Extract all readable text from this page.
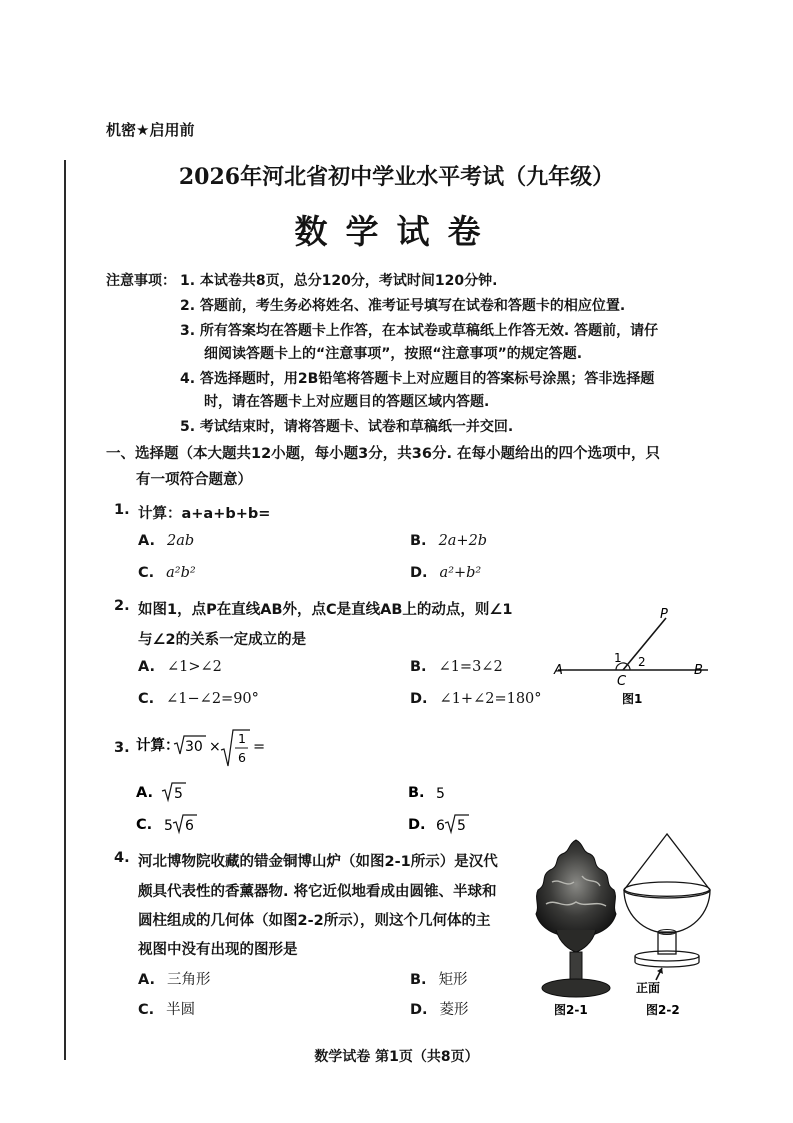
机密★启用前
2026年河北省初中学业水平考试（九年级）
数学试卷
注意事项： 1. 本试卷共8页，总分120分，考试时间120分钟.
2. 答题前，考生务必将姓名、准考证号填写在试卷和答题卡的相应位置.
3. 所有答案均在答题卡上作答，在本试卷或草稿纸上作答无效. 答题前，请仔
细阅读答题卡上的“注意事项”，按照“注意事项”的规定答题.
4. 答选择题时，用2B铅笔将答题卡上对应题目的答案标号涂黑；答非选择题
时，请在答题卡上对应题目的答题区域内答题.
5. 考试结束时，请将答题卡、试卷和草稿纸一并交回.
一、选择题（本大题共12小题，每小题3分，共36分. 在每小题给出的四个选项中，只
有一项符合题意）
1. 计算：a+a+b+b=
A. 2ab	B. 2a+2b
C. a²b²	D. a²+b²
2. 如图1，点P在直线AB外，点C是直线AB上的动点，则∠1
与∠2的关系一定成立的是
A. ∠1>∠2	B. ∠1=3∠2
C. ∠1−∠2=90°	D. ∠1+∠2=180°
P
A	B
C
1 2
图1
3. 计算： 30 ×
1
6
=
A. 5	B. 5
C. 5 6	D. 6 5
4. 河北博物院收藏的错金铜博山炉（如图2-1所示）是汉代
颇具代表性的香薰器物. 将它近似地看成由圆锥、半球和
圆柱组成的几何体（如图2-2所示），则这个几何体的主
视图中没有出现的图形是
A. 三角形	B. 矩形
C. 半圆	D. 菱形	图2-1
正面
图2-2
数学试卷 第1页（共8页）
